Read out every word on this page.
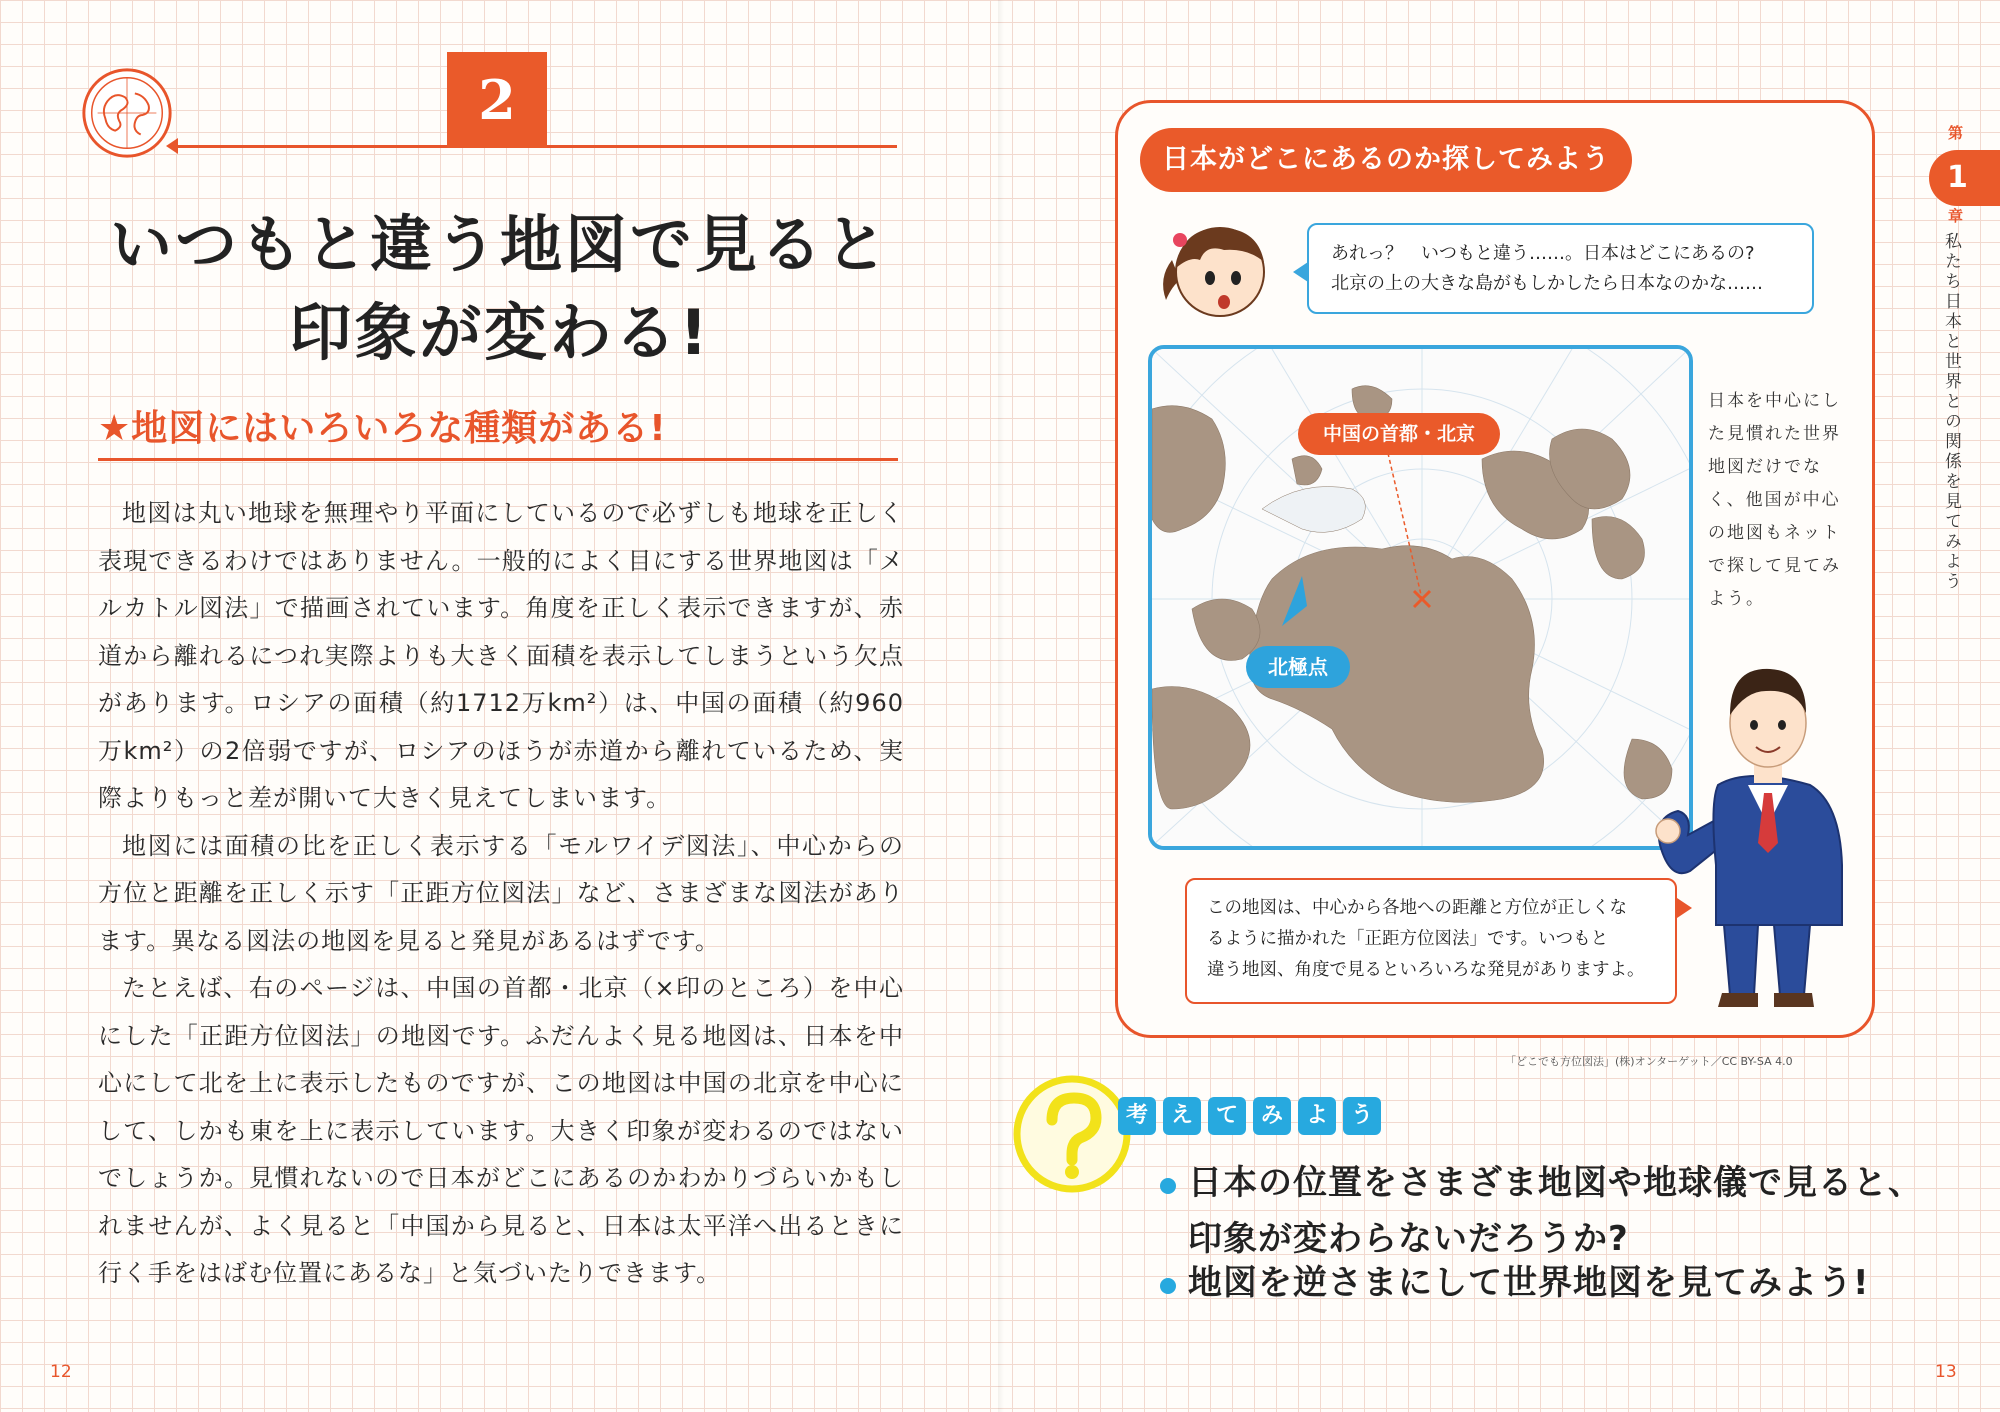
2
いつもと違う地図で見ると
印象が変わる!
★地図にはいろいろな種類がある!

地図は丸い地球を無理やり平面にしているので必ずしも地球を正しく表現できるわけではありません。一般的によく目にする世界地図は「メルカトル図法」で描画されています。角度を正しく表示できますが、赤道から離れるにつれ実際よりも大きく面積を表示してしまうという欠点があります。ロシアの面積（約1712万km²）は、中国の面積（約960万km²）の2倍弱ですが、ロシアのほうが赤道から離れているため、実際よりもっと差が開いて大きく見えてしまいます。

地図には面積の比を正しく表示する「モルワイデ図法」、中心からの方位と距離を正しく示す「正距方位図法」など、さまざまな図法があります。異なる図法の地図を見ると発見があるはずです。

たとえば、右のページは、中国の首都・北京（×印のところ）を中心にした「正距方位図法」の地図です。ふだんよく見る地図は、日本を中心にして北を上に表示したものですが、この地図は中国の北京を中心にして、しかも東を上に表示しています。大きく印象が変わるのではないでしょうか。見慣れないので日本がどこにあるのかわかりづらいかもしれませんが、よく見ると「中国から見ると、日本は太平洋へ出るときに行く手をはばむ位置にあるな」と気づいたりできます。

12
日本がどこにあるのか探してみよう
あれっ？　いつもと違う……。日本はどこにあるの?
北京の上の大きな島がもしかしたら日本なのかな……
中国の首都・北京
北極点
日本を中心にした見慣れた世界地図だけでなく、他国が中心の地図もネットで探して見てみよう。
この地図は、中心から各地への距離と方位が正しくな
るように描かれた「正距方位図法」です。いつもと
違う地図、角度で見るといろいろな発見がありますよ。
「どこでも方位図法」(株)オンターゲット／CC BY-SA 4.0
考 え て み よ う
日本の位置をさまざま地図や地球儀で見ると、
印象が変わらないだろうか?
地図を逆さまにして世界地図を見てみよう!
第
1
章
私たち日本と世界との関係を見てみよう
13
